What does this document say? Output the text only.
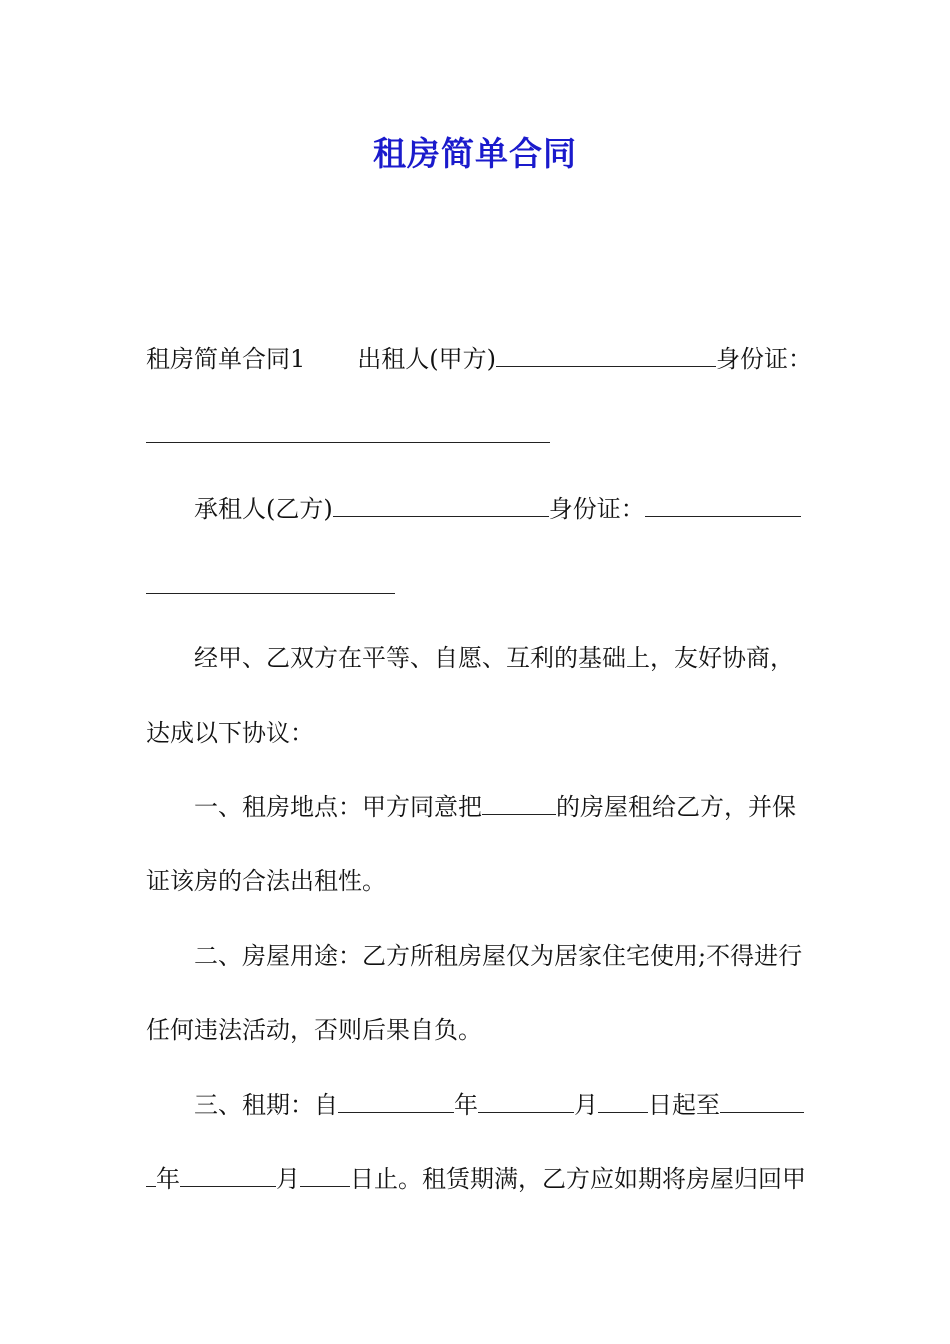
租房简单合同
租房简单合同1 出租人(甲方)	身份证：
承租人(乙方)	身份证：
经甲、乙双方在平等、自愿、互利的基础上，友好协商，
达成以下协议：
一、租房地点：甲方同意把	的房屋租给乙方，并保
证该房的合法出租性。
二、房屋用途：乙方所租房屋仅为居家住宅使用;不得进行
任何违法活动，否则后果自负。
三、租期：自	年	月 日起至
年	月 日止。租赁期满，乙方应如期将房屋归回甲
